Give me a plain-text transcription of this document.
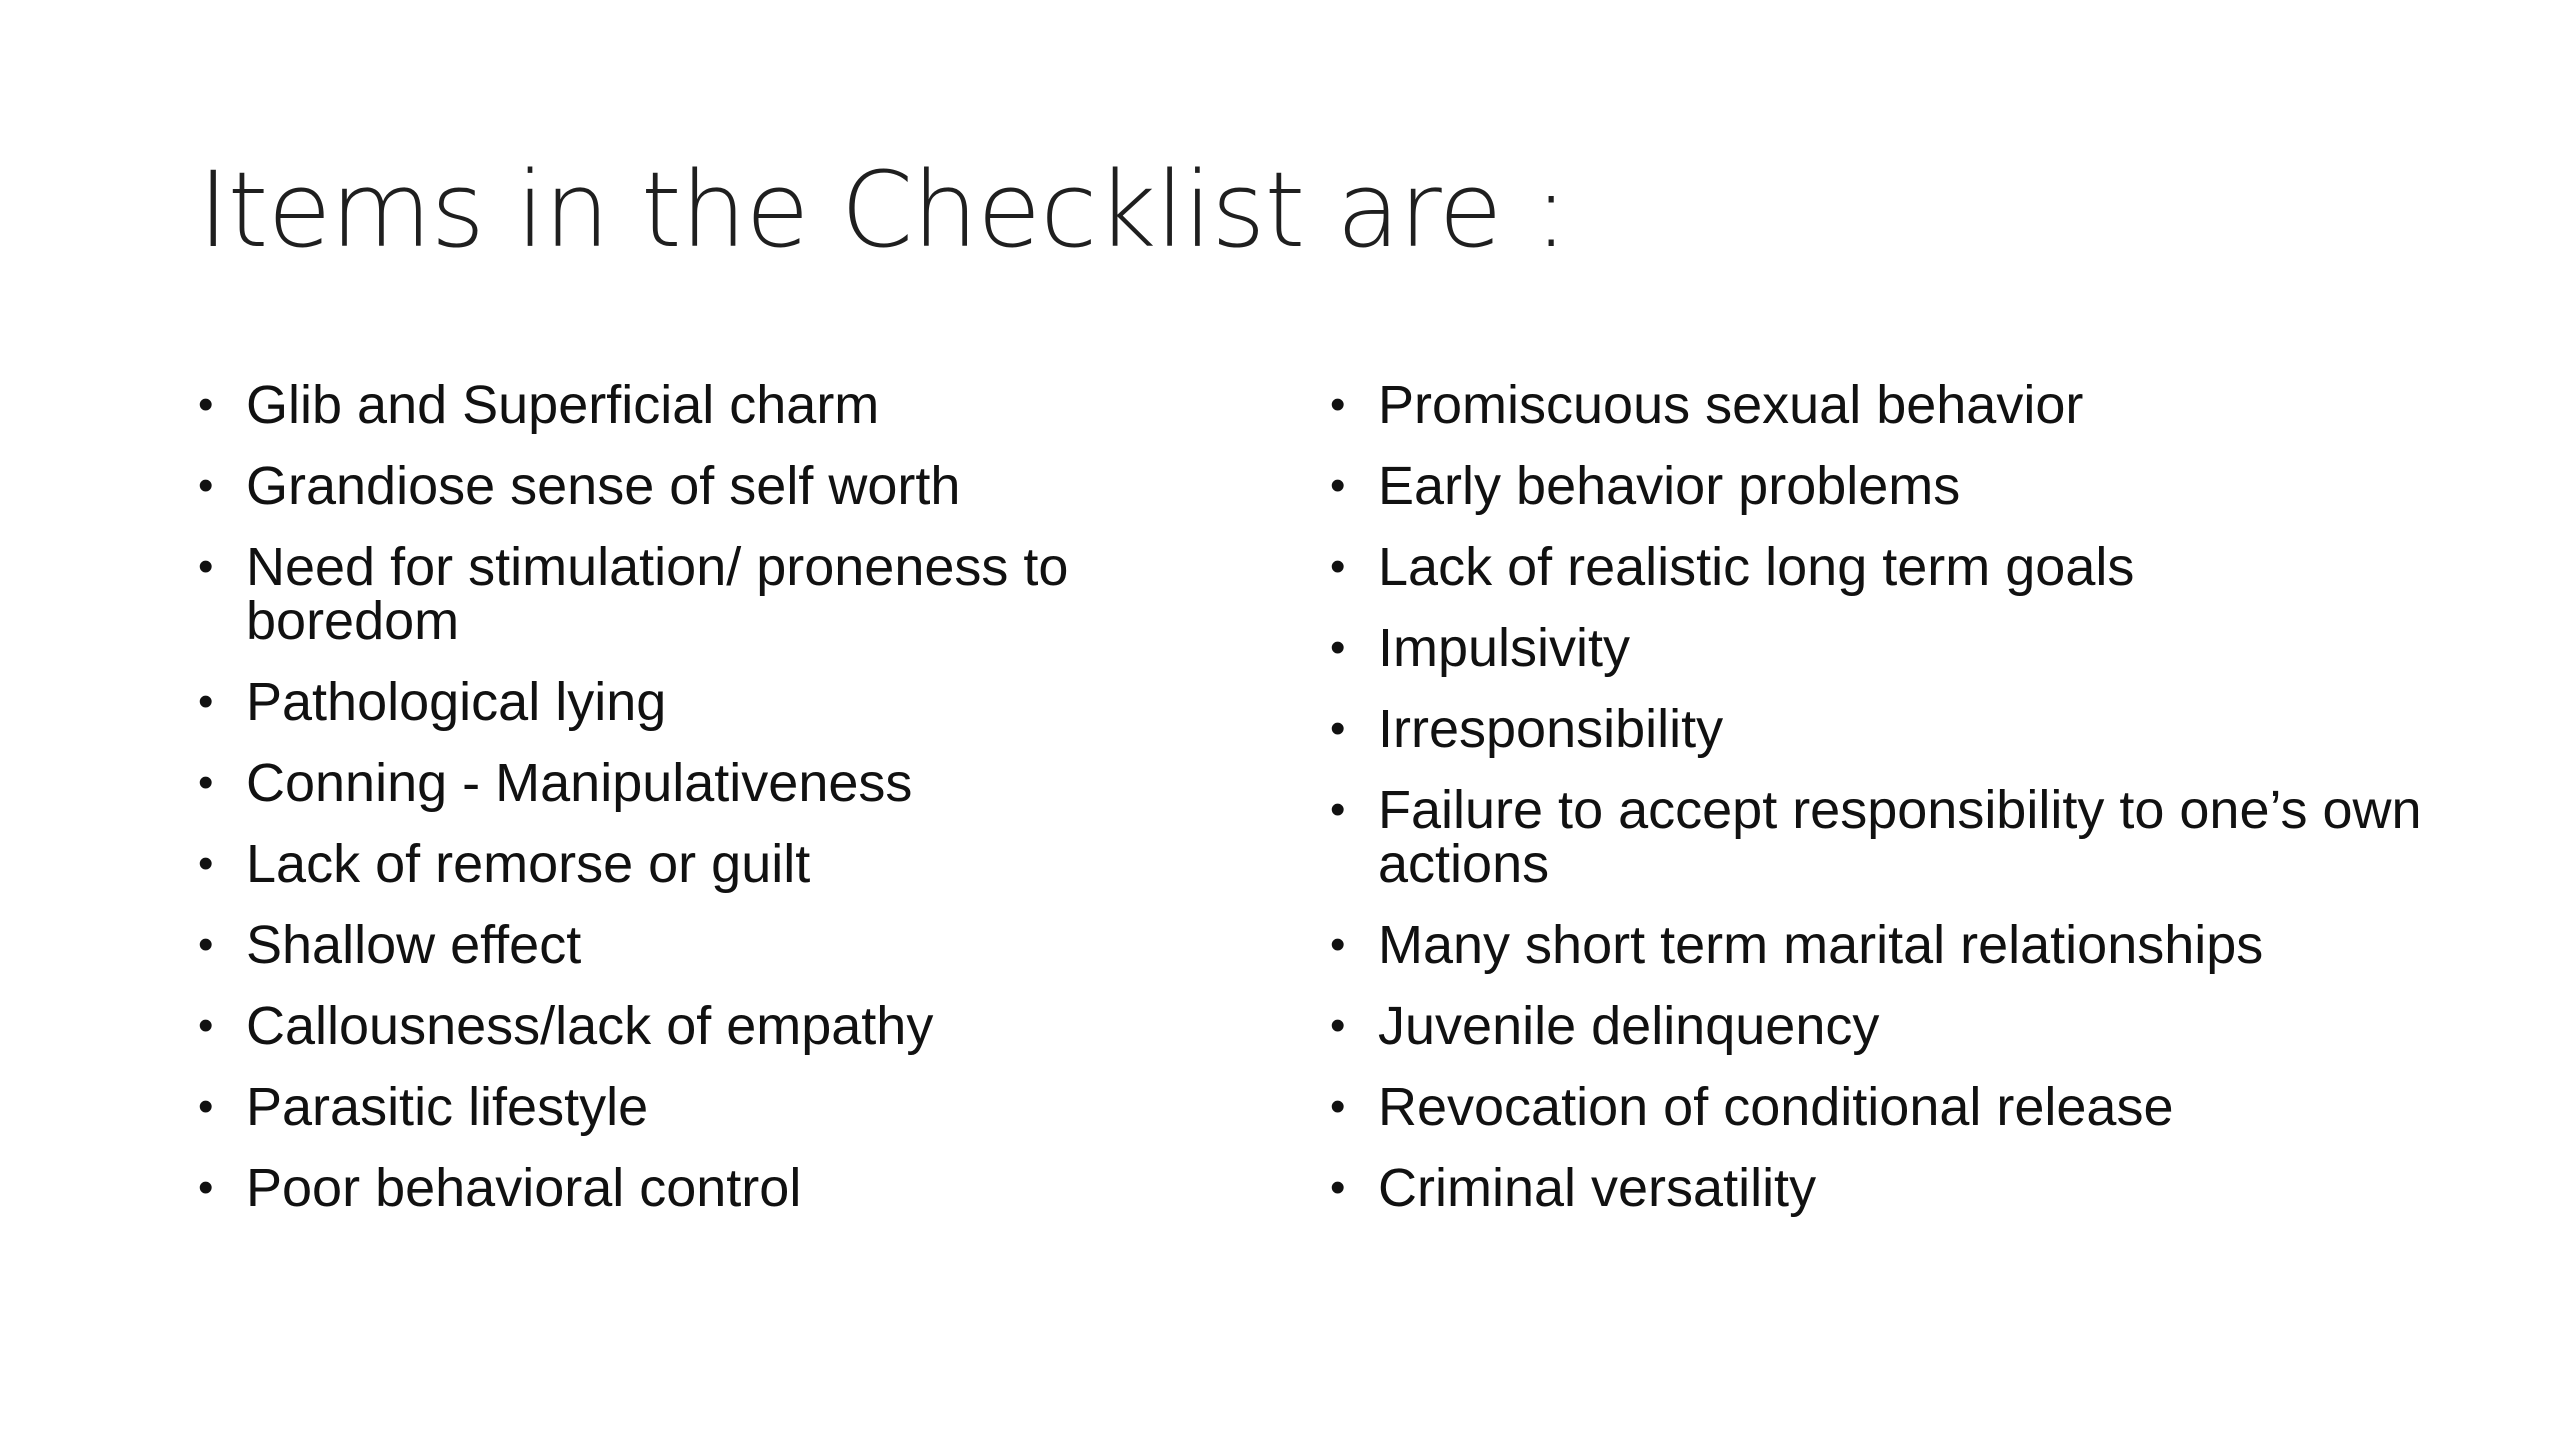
Items in the Checklist are :
• Glib and Superficial charm
• Grandiose sense of self worth
• Need for stimulation/ proneness to boredom
• Pathological lying
• Conning - Manipulativeness
• Lack of remorse or guilt
• Shallow effect
• Callousness/lack of empathy
• Parasitic lifestyle
• Poor behavioral control
• Promiscuous sexual behavior
• Early behavior problems
• Lack of realistic long term goals
• Impulsivity
• Irresponsibility
• Failure to accept responsibility to one’s own actions
• Many short term marital relationships
• Juvenile delinquency
• Revocation of conditional release
• Criminal versatility
